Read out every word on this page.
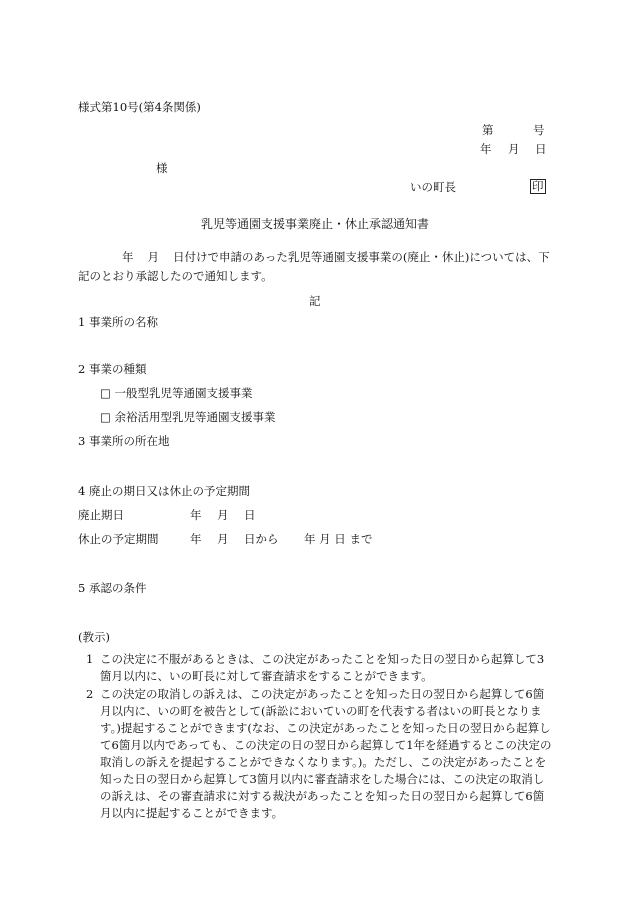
様式第10号(第4条関係)
第	号
年 月 日
様
いの町長	印
乳児等通園支援事業廃止・休止承認通知書
年 月 日付けで申請のあった乳児等通園支援事業の(廃止・休止)については、下記のとおり承認したので通知します。
記
1 事業所の名称
2 事業の種類
□ 一般型乳児等通園支援事業
□ 余裕活用型乳児等通園支援事業
3 事業所の所在地
4 廃止の期日又は休止の予定期間
廃止期日	年 月 日
休止の予定期間	年 月 日から 年 月 日 まで
5 承認の条件
(教示)
1 この決定に不服があるときは、この決定があったことを知った日の翌日から起算して3箇月以内に、いの町長に対して審査請求をすることができます。
2 この決定の取消しの訴えは、この決定があったことを知った日の翌日から起算して6箇月以内に、いの町を被告として(訴訟においていの町を代表する者はいの町長となります。)提起することができます(なお、この決定があったことを知った日の翌日から起算して6箇月以内であっても、この決定の日の翌日から起算して1年を経過するとこの決定の取消しの訴えを提起することができなくなります。)。ただし、この決定があったことを知った日の翌日から起算して3箇月以内に審査請求をした場合には、この決定の取消しの訴えは、その審査請求に対する裁決があったことを知った日の翌日から起算して6箇月以内に提起することができます。
